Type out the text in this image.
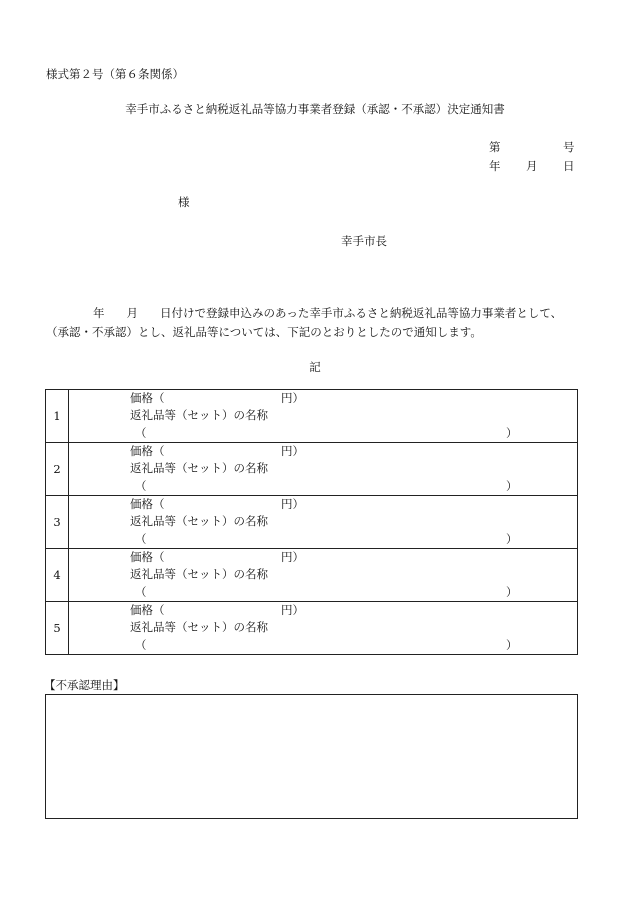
様式第２号（第６条関係）
幸手市ふるさと納税返礼品等協力事業者登録（承認・不承認）決定通知書
第	号
年 月 日
様
幸手市長
年 月 日付けで登録申込みのあった幸手市ふるさと納税返礼品等協力事業者として、
（承認・不承認）とし、返礼品等については、下記のとおりとしたので通知します。
記
1	価格（ 円）
返礼品等（セット）の名称
（ ）

2	価格（ 円）
返礼品等（セット）の名称
（ ）

3	価格（ 円）
返礼品等（セット）の名称
（ ）

4	価格（ 円）
返礼品等（セット）の名称
（ ）

5	価格（ 円）
返礼品等（セット）の名称
（ ）
【不承認理由】
